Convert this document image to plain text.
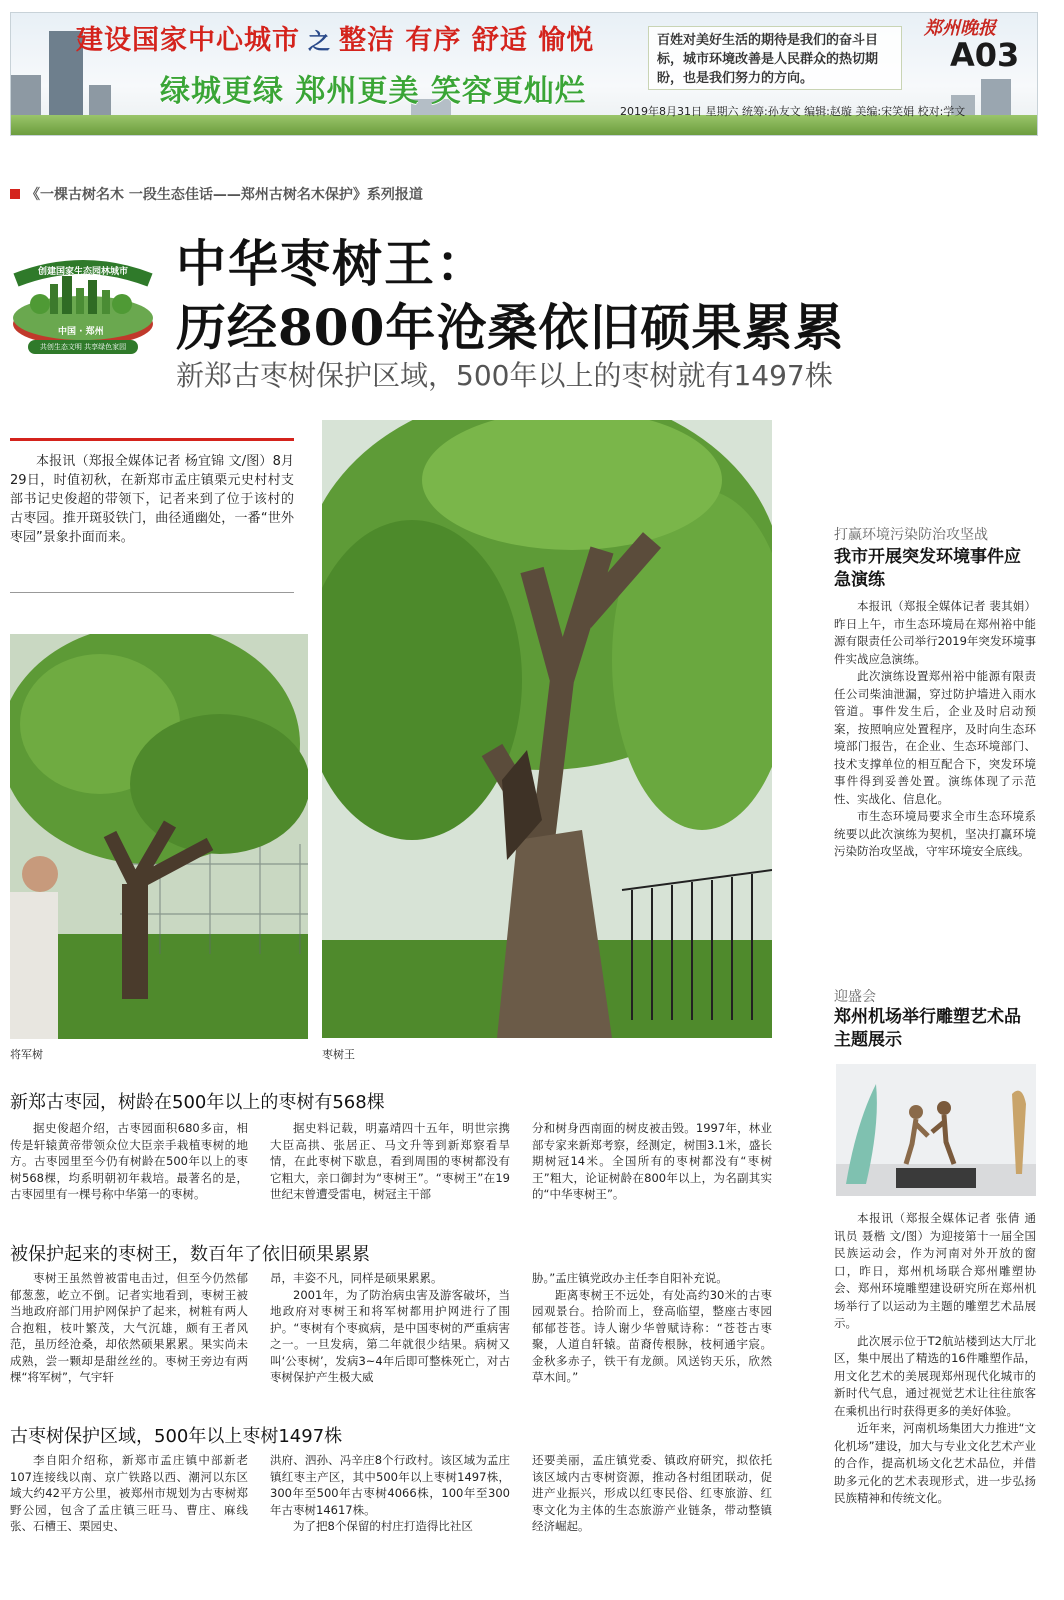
建设国家中心城市 之 整洁 有序 舒适 愉悦
绿城更绿 郑州更美 笑容更灿烂
百姓对美好生活的期待是我们的奋斗目标，城市环境改善是人民群众的热切期盼，也是我们努力的方向。
郑州晚报
A03
2019年8月31日 星期六 统筹:孙友文 编辑:赵璇 美编:宋笑娟 校对:学文
《一棵古树名木 一段生态佳话——郑州古树名木保护》系列报道
创建国家生态园林城市
中国 · 郑州
共创生态文明 共享绿色家园
中华枣树王：
历经800年沧桑依旧硕果累累
新郑古枣树保护区域，500年以上的枣树就有1497株

本报讯（郑报全媒体记者 杨宜锦 文/图）8月29日，时值初秋，在新郑市孟庄镇栗元史村村支部书记史俊超的带领下，记者来到了位于该村的古枣园。推开斑驳铁门，曲径通幽处，一番“世外枣园”景象扑面而来。

将军树	枣树王
新郑古枣园，树龄在500年以上的枣树有568棵

据史俊超介绍，古枣园面积680多亩，相传是轩辕黄帝带领众位大臣亲手栽植枣树的地方。古枣园里至今仍有树龄在500年以上的枣树568棵，均系明朝初年栽培。最著名的是，古枣园里有一棵号称中华第一的枣树。

据史料记载，明嘉靖四十五年，明世宗携大臣高拱、张居正、马文升等到新郑察看旱情，在此枣树下歇息，看到周围的枣树都没有它粗大，亲口御封为“枣树王”。“枣树王”在19世纪末曾遭受雷电，树冠主干部

分和树身西南面的树皮被击毁。1997年，林业部专家来新郑考察，经测定，树围3.1米，盛长期树冠14米。全国所有的枣树都没有“枣树王”粗大，论证树龄在800年以上，为名副其实的“中华枣树王”。

被保护起来的枣树王，数百年了依旧硕果累累

枣树王虽然曾被雷电击过，但至今仍然郁郁葱葱，屹立不倒。记者实地看到，枣树王被当地政府部门用护网保护了起来，树粧有两人合抱粗，枝叶繁茂，大气沉雄，颇有王者风范，虽历经沧桑，却依然硕果累累。果实尚未成熟，尝一颗却是甜丝丝的。枣树王旁边有两棵“将军树”，气宇轩

昂，丰姿不凡，同样是硕果累累。

2001年，为了防治病虫害及游客破坏，当地政府对枣树王和将军树都用护网进行了围护。“枣树有个枣疯病，是中国枣树的严重病害之一。一旦发病，第二年就很少结果。病树又叫‘公枣树’，发病3~4年后即可整株死亡，对古枣树保护产生极大威

胁。”孟庄镇党政办主任李自阳补充说。

距离枣树王不远处，有处高约30米的古枣园观景台。拾阶而上，登高临望，整座古枣园郁郁苍苍。诗人谢少华曾赋诗称：“苍苍古枣聚，人道自轩辕。苗裔传根脉，枝柯通宇宸。金秋多赤子，铁干有龙颜。风送钧天乐，欣然草木间。”

古枣树保护区域，500年以上枣树1497株

李自阳介绍称，新郑市孟庄镇中部新老107连接线以南、京广铁路以西、潮河以东区域大约42平方公里，被郑州市规划为古枣树郑野公园，包含了孟庄镇三旺马、曹庄、麻线张、石槽王、栗园史、

洪府、泗孙、冯辛庄8个行政村。该区域为孟庄镇红枣主产区，其中500年以上枣树1497株，300年至500年古枣树4066株，100年至300年古枣树14617株。

为了把8个保留的村庄打造得比社区

还要美丽，孟庄镇党委、镇政府研究，拟依托该区域内古枣树资源，推动各村组团联动，促进产业振兴，形成以红枣民俗、红枣旅游、红枣文化为主体的生态旅游产业链条，带动整镇经济崛起。

打赢环境污染防治攻坚战
我市开展突发环境事件应急演练

本报讯（郑报全媒体记者 裴其娟）昨日上午，市生态环境局在郑州裕中能源有限责任公司举行2019年突发环境事件实战应急演练。

此次演练设置郑州裕中能源有限责任公司柴油泄漏，穿过防护墙进入雨水管道。事件发生后，企业及时启动预案，按照响应处置程序，及时向生态环境部门报告，在企业、生态环境部门、技术支撑单位的相互配合下，突发环境事件得到妥善处置。演练体现了示范性、实战化、信息化。

市生态环境局要求全市生态环境系统要以此次演练为契机，坚决打赢环境污染防治攻坚战，守牢环境安全底线。

迎盛会
郑州机场举行雕塑艺术品主题展示

本报讯（郑报全媒体记者 张倩 通讯员 聂楷 文/图）为迎接第十一届全国民族运动会，作为河南对外开放的窗口，昨日，郑州机场联合郑州雕塑协会、郑州环境雕塑建设研究所在郑州机场举行了以运动为主题的雕塑艺术品展示。

此次展示位于T2航站楼到达大厅北区，集中展出了精选的16件雕塑作品，用文化艺术的美展现郑州现代化城市的新时代气息，通过视觉艺术让往往旅客在乘机出行时获得更多的美好体验。

近年来，河南机场集团大力推进“文化机场”建设，加大与专业文化艺术产业的合作，提高机场文化艺术品位，并借助多元化的艺术表现形式，进一步弘扬民族精神和传统文化。
